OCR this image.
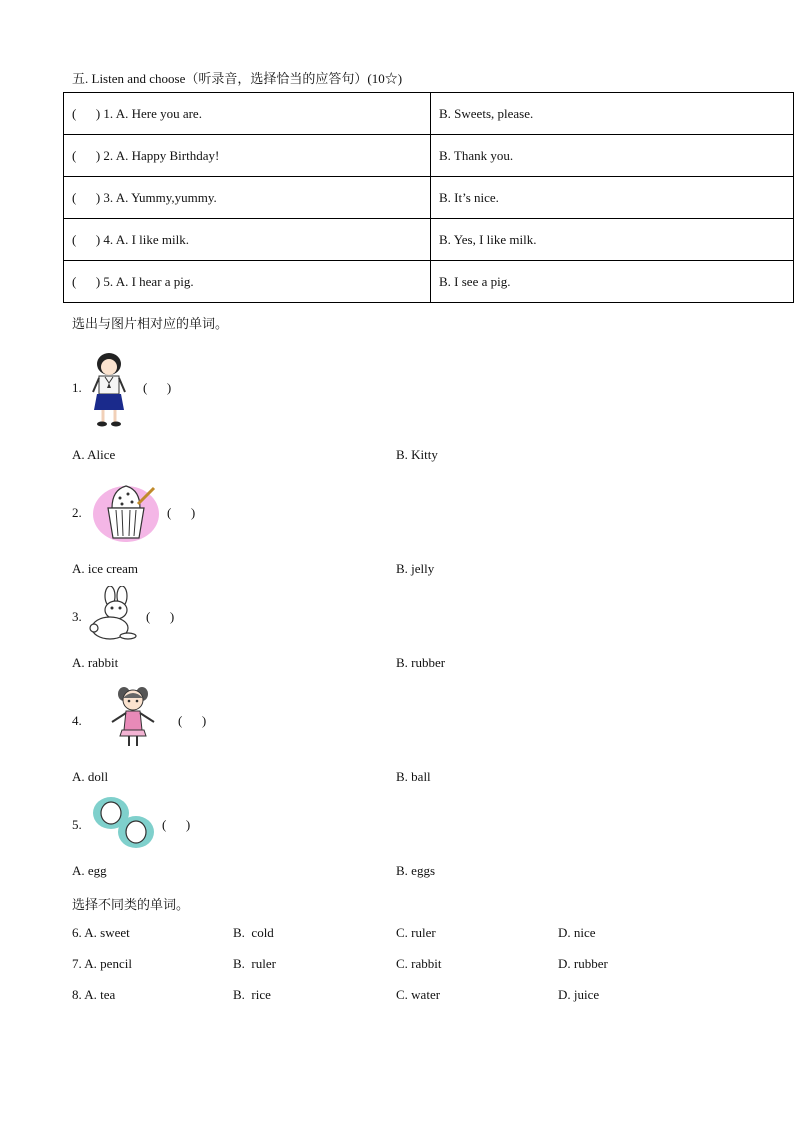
五. Listen and choose（听录音，选择恰当的应答句）(10☆)
(      ) 1. A. Here you are.	B. Sweets, please.
(      ) 2. A. Happy Birthday!	B. Thank you.
(      ) 3. A. Yummy,yummy.	B. It’s nice.
(      ) 4. A. I like milk.	B. Yes, I like milk.
(      ) 5. A. I hear a pig.	B. I see a pig.
选出与图片相对应的单词。
1.	(      )
A. Alice	B. Kitty
2.	(      )
A. ice cream	B. jelly
3.	(      )
A. rabbit	B. rubber
4.	(      )
A. doll	B. ball
5.	(      )
A. egg	B. eggs
选择不同类的单词。
6. A. sweet	B.  cold	C. ruler	D. nice
7. A. pencil	B.  ruler	C. rabbit	D. rubber
8. A. tea	B.  rice	C. water	D. juice
